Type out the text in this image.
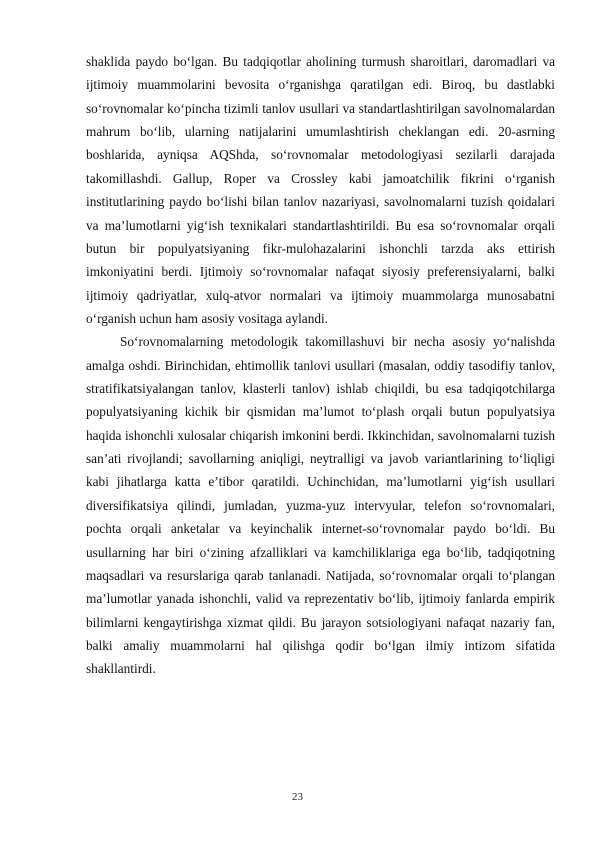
shaklida paydo boʻlgan. Bu tadqiqotlar aholining turmush sharoitlari, daromadlari va ijtimoiy muammolarini bevosita oʻrganishga qaratilgan edi. Biroq, bu dastlabki soʻrovnomalar koʻpincha tizimli tanlov usullari va standartlashtirilgan savolnomalardan mahrum boʻlib, ularning natijalarini umumlashtirish cheklangan edi. 20-asrning boshlarida, ayniqsa AQShda, soʻrovnomalar metodologiyasi sezilarli darajada takomillashdi. Gallup, Roper va Crossley kabi jamoatchilik fikrini oʻrganish institutlarining paydo boʻlishi bilan tanlov nazariyasi, savolnomalarni tuzish qoidalari va maʼlumotlarni yigʻish texnikalari standartlashtirildi. Bu esa soʻrovnomalar orqali butun bir populyatsiyaning fikr-mulohazalarini ishonchli tarzda aks ettirish imkoniyatini berdi. Ijtimoiy soʻrovnomalar nafaqat siyosiy preferensiyalarni, balki ijtimoiy qadriyatlar, xulq-atvor normalari va ijtimoiy muammolarga munosabatni oʻrganish uchun ham asosiy vositaga aylandi.

Soʻrovnomalarning metodologik takomillashuvi bir necha asosiy yoʻnalishda amalga oshdi. Birinchidan, ehtimollik tanlovi usullari (masalan, oddiy tasodifiy tanlov, stratifikatsiyalangan tanlov, klasterli tanlov) ishlab chiqildi, bu esa tadqiqotchilarga populyatsiyaning kichik bir qismidan maʼlumot toʻplash orqali butun populyatsiya haqida ishonchli xulosalar chiqarish imkonini berdi. Ikkinchidan, savolnomalarni tuzish sanʼati rivojlandi; savollarning aniqligi, neytralligi va javob variantlarining toʻliqligi kabi jihatlarga katta eʼtibor qaratildi. Uchinchidan, maʼlumotlarni yigʻish usullari diversifikatsiya qilindi, jumladan, yuzma-yuz intervyular, telefon soʻrovnomalari, pochta orqali anketalar va keyinchalik internet-soʻrovnomalar paydo boʻldi. Bu usullarning har biri oʻzining afzalliklari va kamchiliklariga ega boʻlib, tadqiqotning maqsadlari va resurslariga qarab tanlanadi. Natijada, soʻrovnomalar orqali toʻplangan maʼlumotlar yanada ishonchli, valid va reprezentativ boʻlib, ijtimoiy fanlarda empirik bilimlarni kengaytirishga xizmat qildi. Bu jarayon sotsiologiyani nafaqat nazariy fan, balki amaliy muammolarni hal qilishga qodir boʻlgan ilmiy intizom sifatida shakllantirdi.

23
